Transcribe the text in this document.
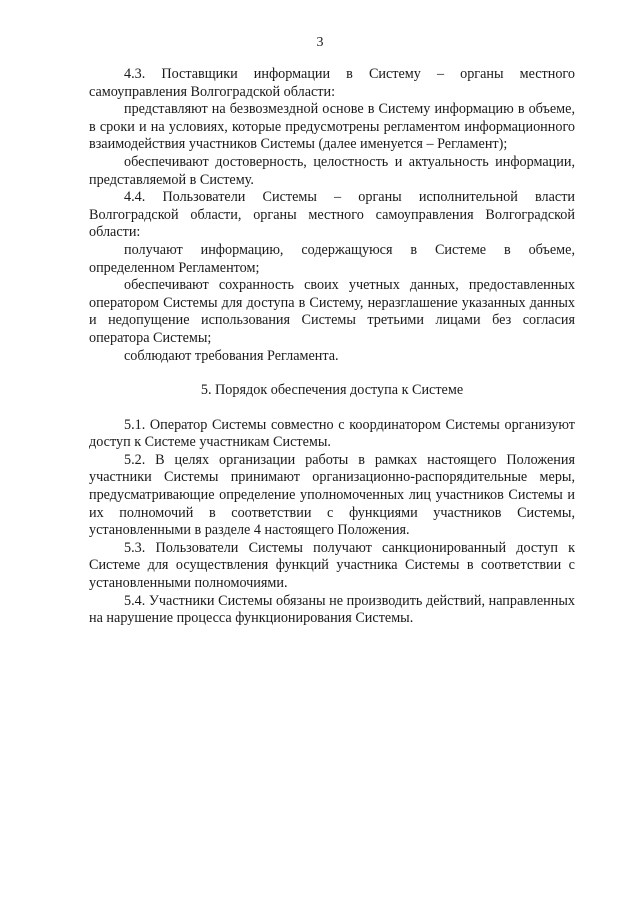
3

4.3. Поставщики информации в Систему – органы местного самоуправления Волгоградской области:

представляют на безвозмездной основе в Систему информацию в объеме, в сроки и на условиях, которые предусмотрены регламентом информационного взаимодействия участников Системы (далее именуется – Регламент);

обеспечивают достоверность, целостность и актуальность информации, представляемой в Систему.

4.4. Пользователи Системы – органы исполнительной власти Волгоградской области, органы местного самоуправления Волгоградской области:

получают информацию, содержащуюся в Системе в объеме, определенном Регламентом;

обеспечивают сохранность своих учетных данных, предоставленных оператором Системы для доступа в Систему, неразглашение указанных данных и недопущение использования Системы третьими лицами без согласия оператора Системы;

соблюдают требования Регламента.

5. Порядок обеспечения доступа к Системе

5.1. Оператор Системы совместно с координатором Системы организуют доступ к Системе участникам Системы.

5.2. В целях организации работы в рамках настоящего Положения участники Системы принимают организационно-распорядительные меры, предусматривающие определение уполномоченных лиц участников Системы и их полномочий в соответствии с функциями участников Системы, установленными в разделе 4 настоящего Положения.

5.3. Пользователи Системы получают санкционированный доступ к Системе для осуществления функций участника Системы в соответствии с установленными полномочиями.

5.4. Участники Системы обязаны не производить действий, направленных на нарушение процесса функционирования Системы.
